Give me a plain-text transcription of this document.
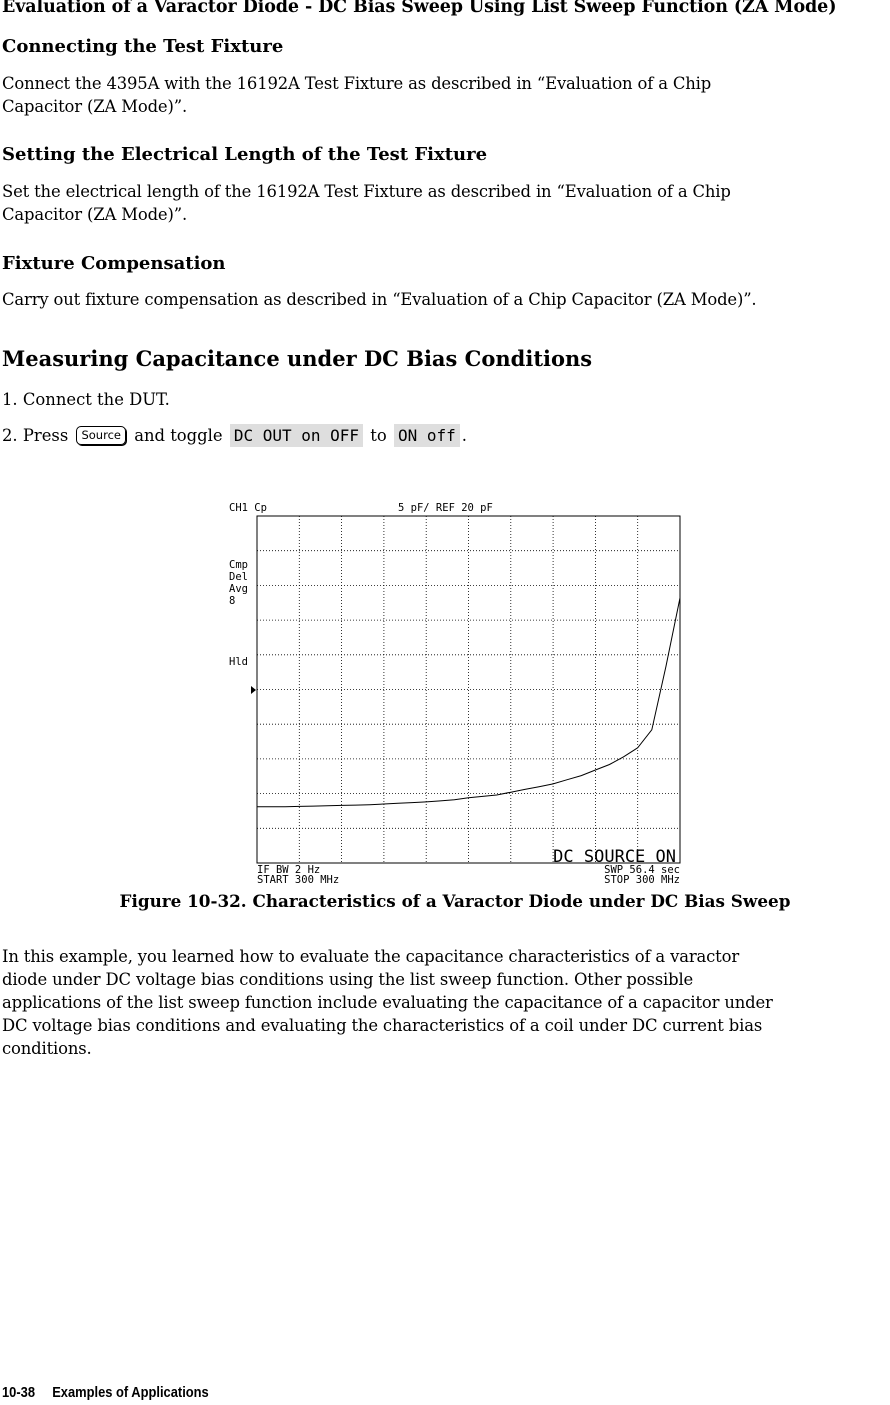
Evaluation of a Varactor Diode - DC Bias Sweep Using List Sweep Function (ZA Mode)
Connecting the Test Fixture
Connect the 4395A with the 16192A Test Fixture as described in “Evaluation of a Chip
Capacitor (ZA Mode)”.
Setting the Electrical Length of the Test Fixture
Set the electrical length of the 16192A Test Fixture as described in “Evaluation of a Chip
Capacitor (ZA Mode)”.
Fixture Compensation
Carry out fixture compensation as described in “Evaluation of a Chip Capacitor (ZA Mode)”.
Measuring Capacitance under DC Bias Conditions
1. Connect the DUT.
2. Press Source and toggle DC OUT on OFF to ON off .
CH1 Cp	5 pF/ REF 20 pF
Cmp
Del
Avg
8
Hld
IF BW 2 Hz
START 300 MHz
SWP 56.4 sec
STOP 300 MHz
DC SOURCE ON
Figure 10-32. Characteristics of a Varactor Diode under DC Bias Sweep
In this example, you learned how to evaluate the capacitance characteristics of a varactor
diode under DC voltage bias conditions using the list sweep function. Other possible
applications of the list sweep function include evaluating the capacitance of a capacitor under
DC voltage bias conditions and evaluating the characteristics of a coil under DC current bias
conditions.
10-38 Examples of Applications
